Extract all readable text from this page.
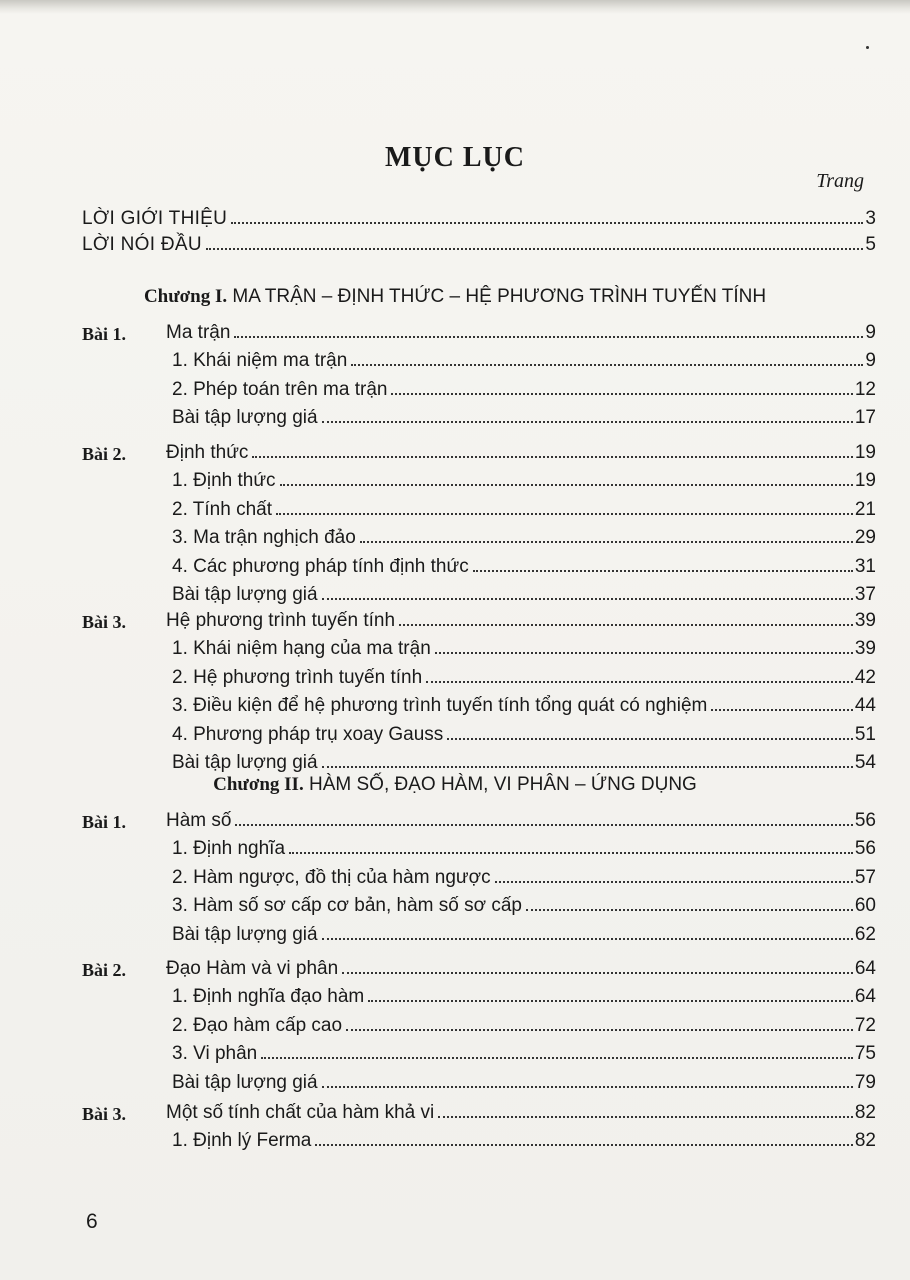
MỤC LỤC
Trang
LỜI GIỚI THIỆU	3
LỜI NÓI ĐẦU	5
Chương I. MA TRẬN – ĐỊNH THỨC – HỆ PHƯƠNG TRÌNH TUYẾN TÍNH
Bài 1.	Ma trận	9
1. Khái niệm ma trận	9
2. Phép toán trên ma trận	12
Bài tập lượng giá	17
Bài 2.	Định thức	19
1. Định thức	19
2. Tính chất	21
3. Ma trận nghịch đảo	29
4. Các phương pháp tính định thức	31
Bài tập lượng giá	37
Bài 3.	Hệ phương trình tuyến tính	39
1. Khái niệm hạng của ma trận	39
2. Hệ phương trình tuyến tính	42
3. Điều kiện để hệ phương trình tuyến tính tổng quát có nghiệm	44
4. Phương pháp trụ xoay Gauss	51
Bài tập lượng giá	54
Chương II. HÀM SỐ, ĐẠO HÀM, VI PHÂN – ỨNG DỤNG
Bài 1.	Hàm số	56
1. Định nghĩa	56
2. Hàm ngược, đồ thị của hàm ngược	57
3. Hàm số sơ cấp cơ bản, hàm số sơ cấp	60
Bài tập lượng giá	62
Bài 2.	Đạo Hàm và vi phân	64
1. Định nghĩa đạo hàm	64
2. Đạo hàm cấp cao	72
3. Vi phân	75
Bài tập lượng giá	79
Bài 3.	Một số tính chất của hàm khả vi	82
1. Định lý Ferma	82
6
